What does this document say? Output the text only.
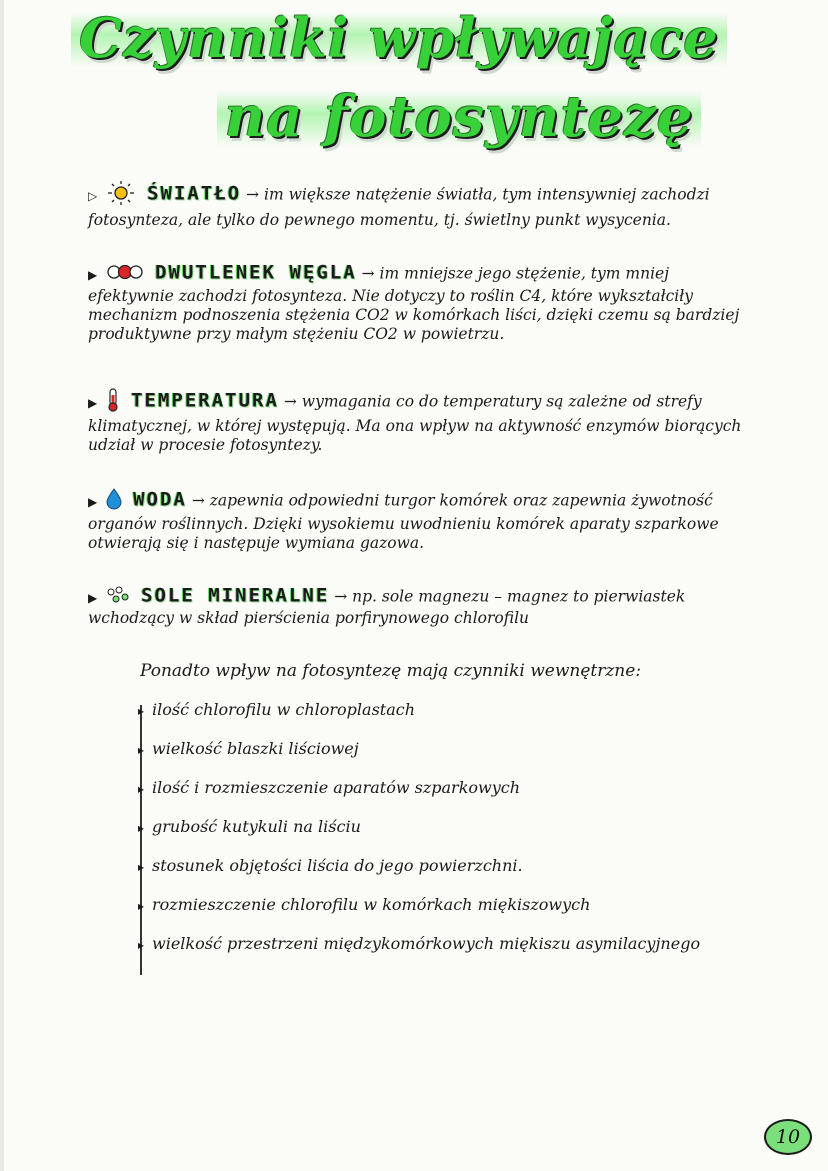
Czynniki wpływające
na fotosyntezę
▷	ŚWIATŁO → im większe natężenie światła, tym intensywniej zachodzi fotosynteza, ale tylko do pewnego momentu, tj. świetlny punkt wysycenia.
▶	DWUTLENEK WĘGLA → im mniejsze jego stężenie, tym mniej efektywnie zachodzi fotosynteza. Nie dotyczy to roślin C4, które wykształciły mechanizm podnoszenia stężenia CO2 w komórkach liści, dzięki czemu są bardziej produktywne przy małym stężeniu CO2 w powietrzu.
▶ TEMPERATURA → wymagania co do temperatury są zależne od strefy klimatycznej, w której występują. Ma ona wpływ na aktywność enzymów biorących udział w procesie fotosyntezy.
▶ WODA → zapewnia odpowiedni turgor komórek oraz zapewnia żywotność organów roślinnych. Dzięki wysokiemu uwodnieniu komórek aparaty szparkowe otwierają się i następuje wymiana gazowa.
▶ SOLE MINERALNE → np. sole magnezu – magnez to pierwiastek wchodzący w skład pierścienia porfirynowego chlorofilu
Ponadto wpływ na fotosyntezę mają czynniki wewnętrzne:
▸ ilość chlorofilu w chloroplastach
▸ wielkość blaszki liściowej
▸ ilość i rozmieszczenie aparatów szparkowych
▸ grubość kutykuli na liściu
▸ stosunek objętości liścia do jego powierzchni.
▸ rozmieszczenie chlorofilu w komórkach miękiszowych
▸ wielkość przestrzeni międzykomórkowych miękiszu asymilacyjnego
10
